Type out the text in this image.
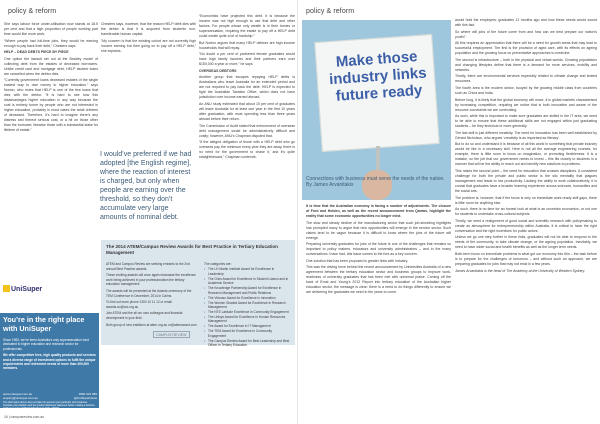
policy & reform

She says labour force under-utilisation now stands at 18.5 per cent and that a high proportion of people working part time would like more work.

“Where people had full-time jobs, they would be earning enough to pay back their debt,” Chesters says.

HELP – DEAD DEBTS PIECE BY PIECE

One option the lawsuit set out at the Bradley model of collecting debt from the estates of deceased borrowers. Unlike credit card and mortgage debt, HELP student loans are cancelled when the debtor dies.

“Currently government loans deceased estates of the single easiest way to owe money to higher education,” says Norton, who notes that HELP is one of the few loans that dies with the debtor. “It is hard to see how this disadvantages higher education in any way because the cost is entirely borne by people who are not interested in higher education, probably in most cases the adult children of deceased. Therefore, it’s hard to imagine there’s any distress and thereof serious cost, or a hit on those other than the borrower, likewise those with a substantial stake for lifetime of estate.”

Chesters says, however, that the reason HELP debt dies with the debtor is that it is acquired from students non-transferable human capital.

“My concern is that the existing cohort are not currently high income earning but then going on to pay off a HELP debt,” she explains.

I would’ve preferred if we had adopted [the English regime], where the reaction of interest is charged, but only when people are earning over the threshold, so they don’t accumulate very large amounts of nominal debt.

“Economists have projected this debt. It is because the income was not high enough to use that debt and other factors. For people whose only wealth is in their homes or superannuation, requiring the estate to pay off a HELP debt could create quite a lot of hardship.”

But Norton argues that many HELP debtors are high-income households that will repay.

“No doubt a per cent of partnered female graduates would have high family incomes and their partners earn over $150,000 a year or more,” he says.

OVERSEAS DEBTORS

Another group that escapes repaying HELP debts is Australians who leave Australia for an extended period and are not required to pay back the debt. HELP is expected to fight the Australian Taxation Office, which does not have jurisdiction over income earned abroad.

An ANU study estimated that about 15 per cent of graduates will leave Australia for at least one year in the first 10 years after graduation, with most spending less than three years abroad before their return.

The Commission of Audit stated that enforcement of overseas debt management would be administratively difficult and costly; however, ANU’s Chapman disputed that.

“If the alleged obligation of those with a HELP debt who go overseas pay the minimum every year they are away, there is no need for the government to chase it, and it’s quite straightforward,” Chapman contends.

The 2014 ATEM/Campus Review Awards for Best Practice in Tertiary Education Management

ATEM and Campus Review are seeking entrants to the 2nd annual Best Practice awards.

These exciting awards will once again showcase the excellence work being achieved in your professionalism the tertiary education management.

The awards will be presented at the Awards ceremony of the TEM Conference in December, 2014 in Cairns.

To find out more phone 1300 10 11 12 or email awards.au@arc.org.au

Join ATEM and the all our own colleague and financial development in your field.

Both group of new traditions at atem.org.au or@atemaward.com

CAMPUS REVIEW
The categories are:
▪ The LH Martin Institute Award for Excellence in Leadership
▪ The Chris Award for Excellence in Student Liaison and in Academic Service
▪ The Knowledge Partnership Award for Excellence in Research Management and Public Relations
▪ The Virtuoso Award for Excellence in Innovation
▪ The Women Shaded Award for Excellence in Research Management
▪ The NTE Latitude Excellence in Community Engagement
▪ The Unisys Award for Excellence in Human Resources Management
▪ The Award for Excellence in IT Management
▪ The TEM Award for Excellence in Community Engagement
▪ The Campus Review Award for Best Leadership and Best Officer in Tertiary Education
UniSuper
You’re in the right place with UniSuper

Since 1983, we’ve been Australia’s only superannuation fund dedicated to higher education and research sector for professionals.

We offer competitive fees, high quality products and services and a diverse range of investment options to fulfil the unique requirements and retirement needs of more than 400,000 members.

www.unisuper.com.au	1800 331 685
enquiry@unisuper.com.au	@UniSuperNews
The information above does not take into account your particular circumstances. Consider your situation and the product disclosure statement before making a decision. UniSuper Limited ABN 54 006 027 121 AFSL 235907.
16 | campusreview.com.au
policy & reform
Make those industry links future ready

It is time that the Australian economy is facing a number of adjustments. The closure of Ford and Holden, as well as the recent announcement from Qantas, highlight the reality that some economic opportunities no longer exist.

The slow and steady decline of the manufacturing sector that such job-shedding highlights has prompted many to argue that new opportunities will emerge in the service sector. Such claims tend to be vague because it is difficult to know where the jobs of the future will emerge.

Preparing university graduates for jobs of the future is one of the challenges that remains so important to policy makers, educators and university administrators – and in the many conversations I have had, this issue comes to the fore as a key concern.

One solution that has been proposed is greater links with industry.

This was the driving force behind the recent announcement by Universities Australia of a new agreement between the tertiary education sector and business groups to improve work-readiness of university graduates that has been met with universal praise. Coming off the back of Ernst and Young’s 2012 Report into tertiary education of the Australian higher education sector, the message is clear: there is a need to do things differently to ensure we are delivering the graduates we need in the years to come.

would hold the employers: graduates 12 months ago and how these needs would sound with this fact.

So where will jobs of the future come from and how can we best prepare our nation’s youth?

All this requires an appreciation that there will be a need for growth areas that may lead to successful employment. The first is the provision of aged care, with its effects on ageing population and the growing focus on preventative approaches to medicine.

The second is infrastructure – both in the physical and virtual worlds. Growing populations and changing lifestyles define that there is a demand for more services, mobility and networks.

Thirdly, there are environmental services especially related to climate change and limited resources.

The fourth area is the modern sector, buoyed by the growing middle class from countries such as China and India.

Before long, it is likely that the global economy will move, it is global markets characterised by increasing competition, requiring we notice that is both innovative and aware of the resource constraints we are confronting.

As such, while this is important to make sure graduates are skilled in the IT area, we need to be able to ensure that these additional skills are not engaged within just graduating students – be they technical or more generally.

The last skill is just different creativity. The need for innovation has been well established by Gérard Nicholson, who argues ‘creativity is as important as literacy’.

But to do so and understand it is because of all this world in something that private industry would be like in a necessary skill. Here is not all the average engineering courses, for example, there is little room to focus on imagination, or promoting flexibleness. It is a mistake, so the job that our government needs to invest – this fits closely to students in a manner that will be the ability to reach out and identify new solutions to problems.

This raises the second point – the need for education that crosses disciplines. A consistent challenge for both the private and public sector is the silo mentality that plagues management and leads to low productivity. Lacking the ability to work collaboratively, it is crucial that graduates have a broader learning experience across sciences, humanities and the social arts.

The problem is, however, that if the focus is only on immediate work-ready skill gaps, there is little room for anything else.

As such, there is no time for an honest look at what is an uncertain economics, or not one for students to undertake cross-cultural subjects.

Thirdly, we need a realignment of good social and scientific research with policymaking to create an atmosphere for entrepreneurship within Australia. It is critical to have the right conversation and the right incentives for public actors.

Unless we go one step further in these links, graduates will not be able to respond to the needs of the community, to take climate change, or the ageing population. Inevitably, we need to have wider social and health benefits as well as the longer term needs.

Both-term focus on immediate problems is what got our economy into this – the task before is to prepare for the challenges of tomorrow – and without such an approach, we are preparing graduates for jobs that may not exist in a few years.

James Arvanitakis is the head of The Academy at the University of Western Sydney.

Connections with business must serve the needs of the nation. By James Arvanitakis
